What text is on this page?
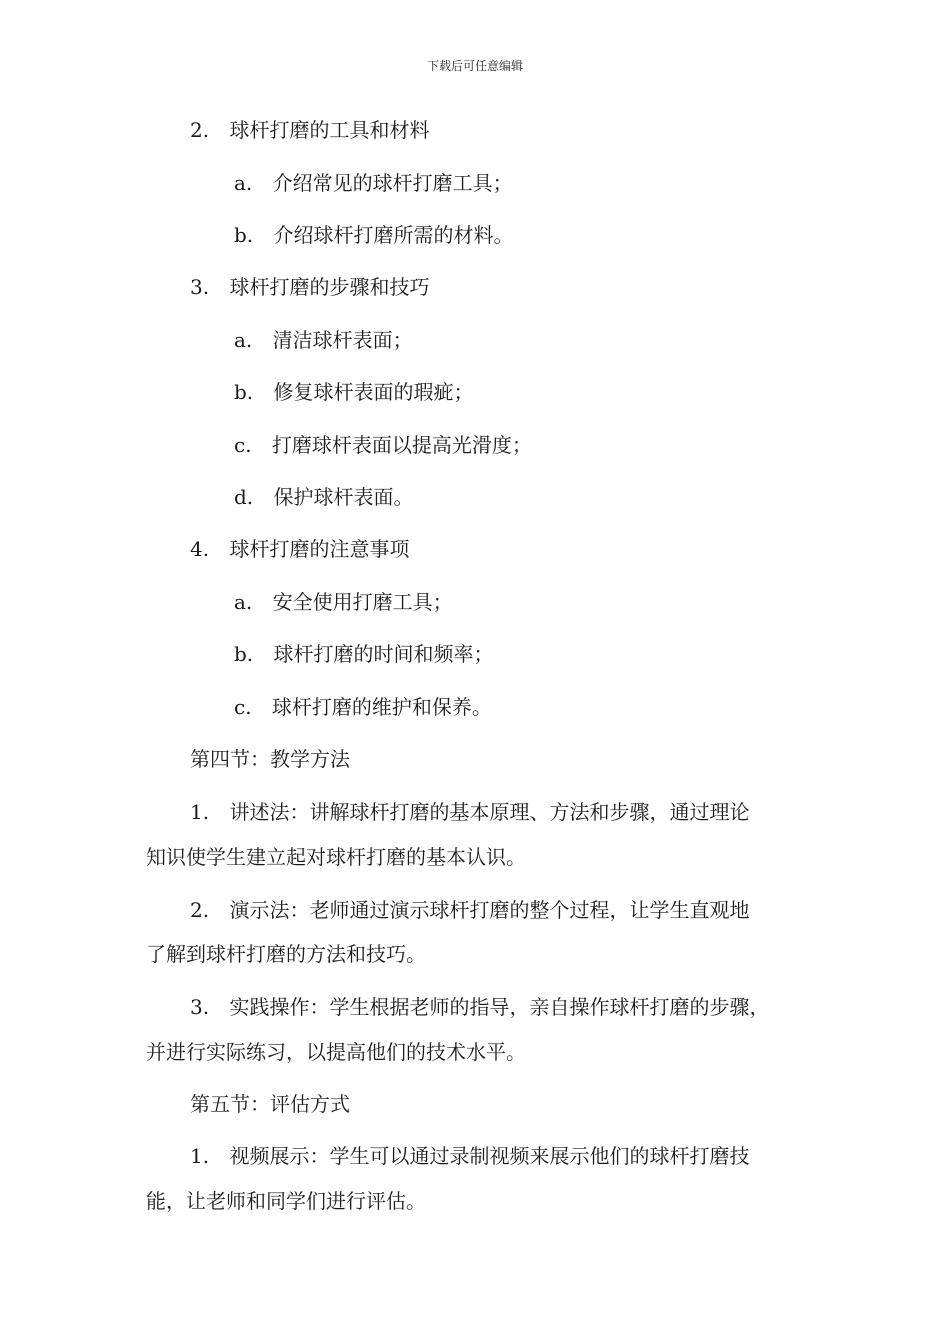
下载后可任意编辑
2. 球杆打磨的工具和材料
a. 介绍常见的球杆打磨工具；
b. 介绍球杆打磨所需的材料。
3. 球杆打磨的步骤和技巧
a. 清洁球杆表面；
b. 修复球杆表面的瑕疵；
c. 打磨球杆表面以提高光滑度；
d. 保护球杆表面。
4. 球杆打磨的注意事项
a. 安全使用打磨工具；
b. 球杆打磨的时间和频率；
c. 球杆打磨的维护和保养。
第四节：教学方法
1. 讲述法：讲解球杆打磨的基本原理、方法和步骤，通过理论
知识使学生建立起对球杆打磨的基本认识。
2. 演示法：老师通过演示球杆打磨的整个过程，让学生直观地
了解到球杆打磨的方法和技巧。
3. 实践操作：学生根据老师的指导，亲自操作球杆打磨的步骤，
并进行实际练习，以提高他们的技术水平。
第五节：评估方式
1. 视频展示：学生可以通过录制视频来展示他们的球杆打磨技
能，让老师和同学们进行评估。
